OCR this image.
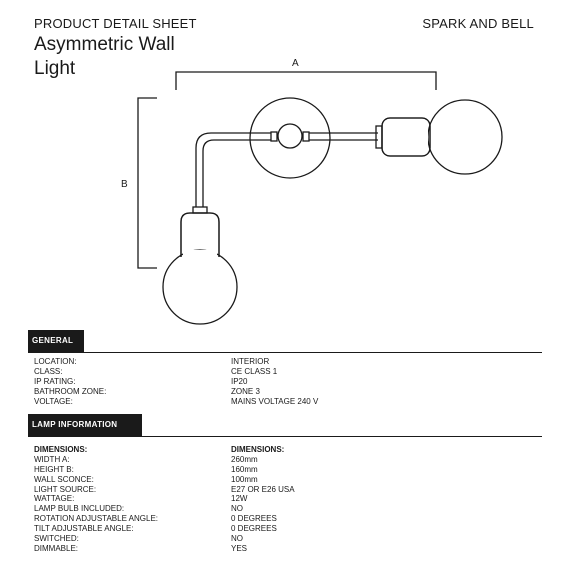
PRODUCT DETAIL SHEET
Asymmetric Wall Light
SPARK AND BELL
A
B
GENERAL
LOCATION:	INTERIOR
CLASS:	CE CLASS 1
IP RATING:	IP20
BATHROOM ZONE:	ZONE 3
VOLTAGE:	MAINS VOLTAGE 240 V
LAMP INFORMATION
DIMENSIONS:	DIMENSIONS:
WIDTH A:	260mm
HEIGHT B:	160mm
WALL SCONCE:	100mm
LIGHT SOURCE:	E27 OR E26 USA
WATTAGE:	12W
LAMP BULB INCLUDED:	NO
ROTATION ADJUSTABLE ANGLE:	0 DEGREES
TILT ADJUSTABLE ANGLE:	0 DEGREES
SWITCHED:	NO
DIMMABLE:	YES
